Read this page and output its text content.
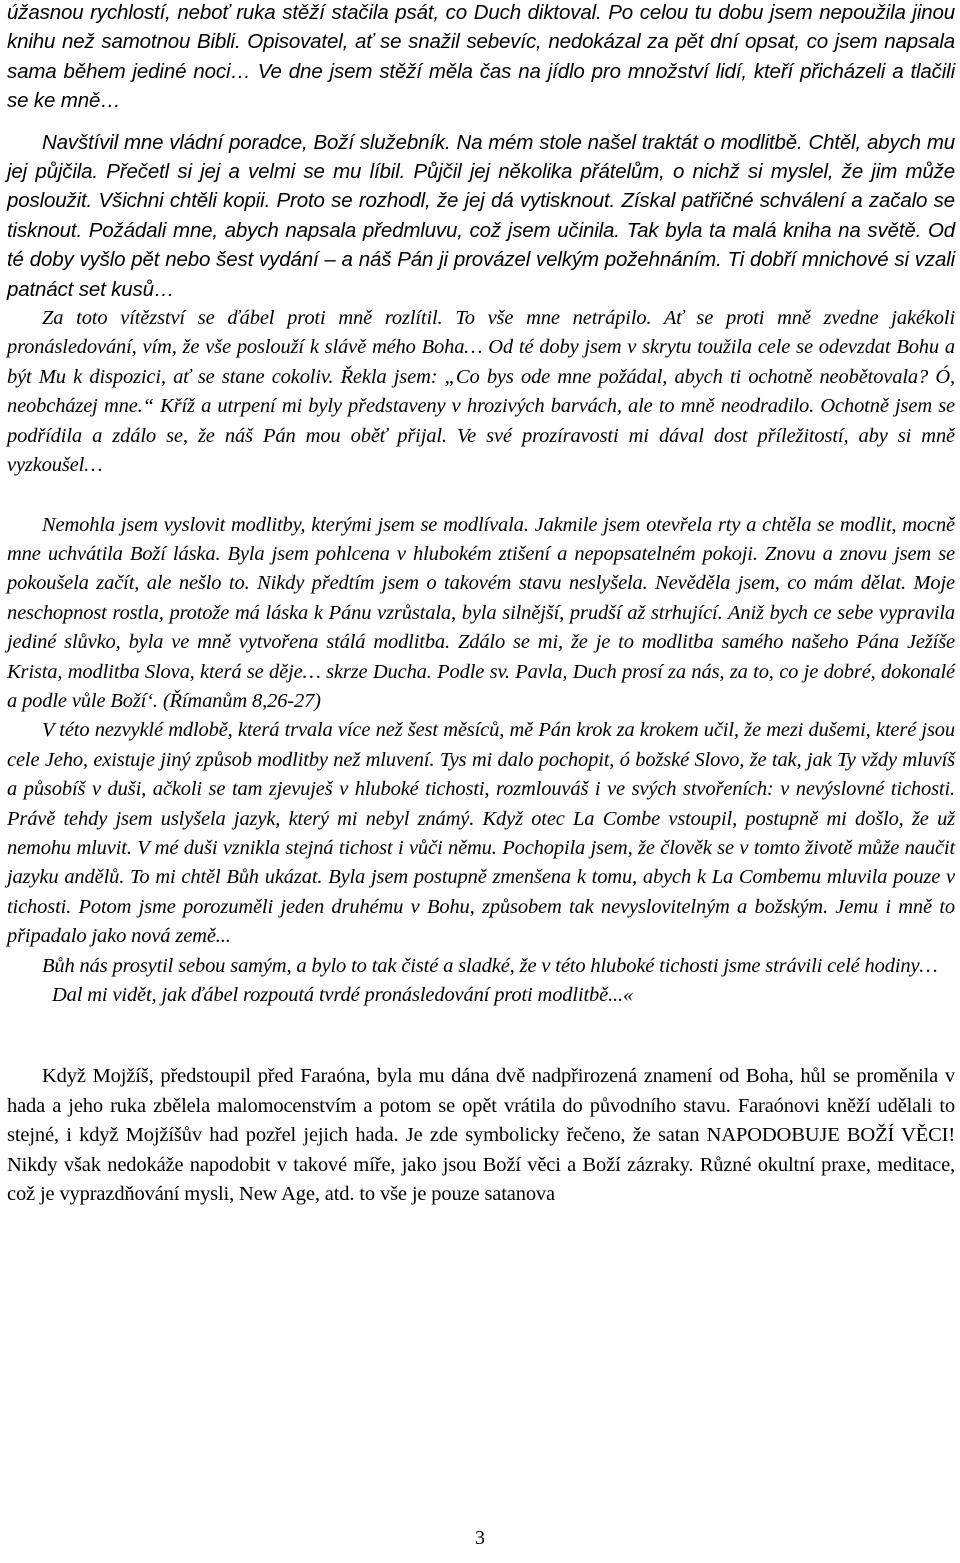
úžasnou rychlostí, neboť ruka stěží stačila psát, co Duch diktoval. Po celou tu dobu jsem nepoužila jinou knihu než samotnou Bibli. Opisovatel, ať se snažil sebevíc, nedokázal za pět dní opsat, co jsem napsala sama během jediné noci… Ve dne jsem stěží měla čas na jídlo pro množství lidí, kteří přicházeli a tlačili se ke mně…

Navštívil mne vládní poradce, Boží služebník. Na mém stole našel traktát o modlitbě. Chtěl, abych mu jej půjčila. Přečetl si jej a velmi se mu líbil. Půjčil jej několika přátelům, o nichž si myslel, že jim může posloužit. Všichni chtěli kopii. Proto se rozhodl, že jej dá vytisknout. Získal patřičné schválení a začalo se tisknout. Požádali mne, abych napsala předmluvu, což jsem učinila. Tak byla ta malá kniha na světě. Od té doby vyšlo pět nebo šest vydání – a náš Pán ji provázel velkým požehnáním. Ti dobří mnichové si vzali patnáct set kusů…

Za toto vítězství se ďábel proti mně rozlítil. To vše mne netrápilo. Ať se proti mně zvedne jakékoli pronásledování, vím, že vše poslouží k slávě mého Boha… Od té doby jsem v skrytu toužila cele se odevzdat Bohu a být Mu k dispozici, ať se stane cokoliv. Řekla jsem: „Co bys ode mne požádal, abych ti ochotně neobětovala? Ó, neobcházej mne.“ Kříž a utrpení mi byly představeny v hrozivých barvách, ale to mně neodradilo. Ochotně jsem se podřídila a zdálo se, že náš Pán mou oběť přijal. Ve své prozíravosti mi dával dost příležitostí, aby si mně vyzkoušel…

Nemohla jsem vyslovit modlitby, kterými jsem se modlívala. Jakmile jsem otevřela rty a chtěla se modlit, mocně mne uchvátila Boží láska. Byla jsem pohlcena v hlubokém ztišení a nepopsatelném pokoji. Znovu a znovu jsem se pokoušela začít, ale nešlo to. Nikdy předtím jsem o takovém stavu neslyšela. Nevěděla jsem, co mám dělat. Moje neschopnost rostla, protože má láska k Pánu vzrůstala, byla silnější, prudší až strhující. Aniž bych ce sebe vypravila jediné slůvko, byla ve mně vytvořena stálá modlitba. Zdálo se mi, že je to modlitba samého našeho Pána Ježíše Krista, modlitba Slova, která se děje… skrze Ducha. Podle sv. Pavla, Duch prosí za nás, za to, co je dobré, dokonalé a podle vůle Boží‘. (Římanům 8,26-27)

V této nezvyklé mdlobě, která trvala více než šest měsíců, mě Pán krok za krokem učil, že mezi dušemi, které jsou cele Jeho, existuje jiný způsob modlitby než mluvení. Tys mi dalo pochopit, ó božské Slovo, že tak, jak Ty vždy mluvíš a působíš v duši, ačkoli se tam zjevuješ v hluboké tichosti, rozmlouváš i ve svých stvořeních: v nevýslovné tichosti. Právě tehdy jsem uslyšela jazyk, který mi nebyl známý. Když otec La Combe vstoupil, postupně mi došlo, že už nemohu mluvit. V mé duši vznikla stejná tichost i vůči němu. Pochopila jsem, že člověk se v tomto životě může naučit jazyku andělů. To mi chtěl Bůh ukázat. Byla jsem postupně zmenšena k tomu, abych k La Combemu mluvila pouze v tichosti. Potom jsme porozuměli jeden druhému v Bohu, způsobem tak nevyslovitelným a božským. Jemu i mně to připadalo jako nová země...

Bůh nás prosytil sebou samým, a bylo to tak čisté a sladké, že v této hluboké tichosti jsme strávili celé hodiny…

Dal mi vidět, jak ďábel rozpoutá tvrdé pronásledování proti modlitbě...«

Když Mojžíš, předstoupil před Faraóna, byla mu dána dvě nadpřirozená znamení od Boha, hůl se proměnila v hada a jeho ruka zbělela malomocenstvím a potom se opět vrátila do původního stavu. Faraónovi kněží udělali to stejné, i když Mojžíšův had pozřel jejich hada. Je zde symbolicky řečeno, že satan NAPODOBUJE BOŽÍ VĚCI! Nikdy však nedokáže napodobit v takové míře, jako jsou Boží věci a Boží zázraky. Různé okultní praxe, meditace, což je vyprazdňování mysli, New Age, atd. to vše je pouze satanova

3
